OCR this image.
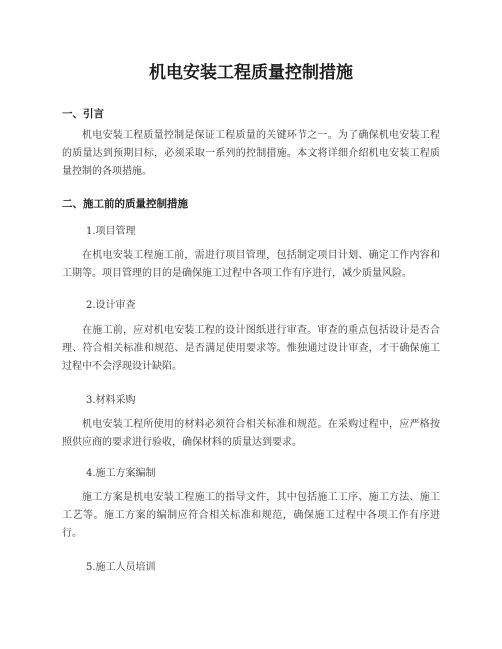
机电安装工程质量控制措施
一、引言

机电安装工程质量控制是保证工程质量的关键环节之一。为了确保机电安装工程的质量达到预期目标，必须采取一系列的控制措施。本文将详细介绍机电安装工程质量控制的各项措施。

二、施工前的质量控制措施

1.项目管理

在机电安装工程施工前，需进行项目管理，包括制定项目计划、确定工作内容和工期等。项目管理的目的是确保施工过程中各项工作有序进行，减少质量风险。

2.设计审查

在施工前，应对机电安装工程的设计图纸进行审查。审查的重点包括设计是否合理、符合相关标准和规范、是否满足使用要求等。惟独通过设计审查，才干确保施工过程中不会浮现设计缺陷。

3.材料采购

机电安装工程所使用的材料必须符合相关标准和规范。在采购过程中，应严格按照供应商的要求进行验收，确保材料的质量达到要求。

4.施工方案编制

施工方案是机电安装工程施工的指导文件，其中包括施工工序、施工方法、施工工艺等。施工方案的编制应符合相关标准和规范，确保施工过程中各项工作有序进行。

5.施工人员培训
